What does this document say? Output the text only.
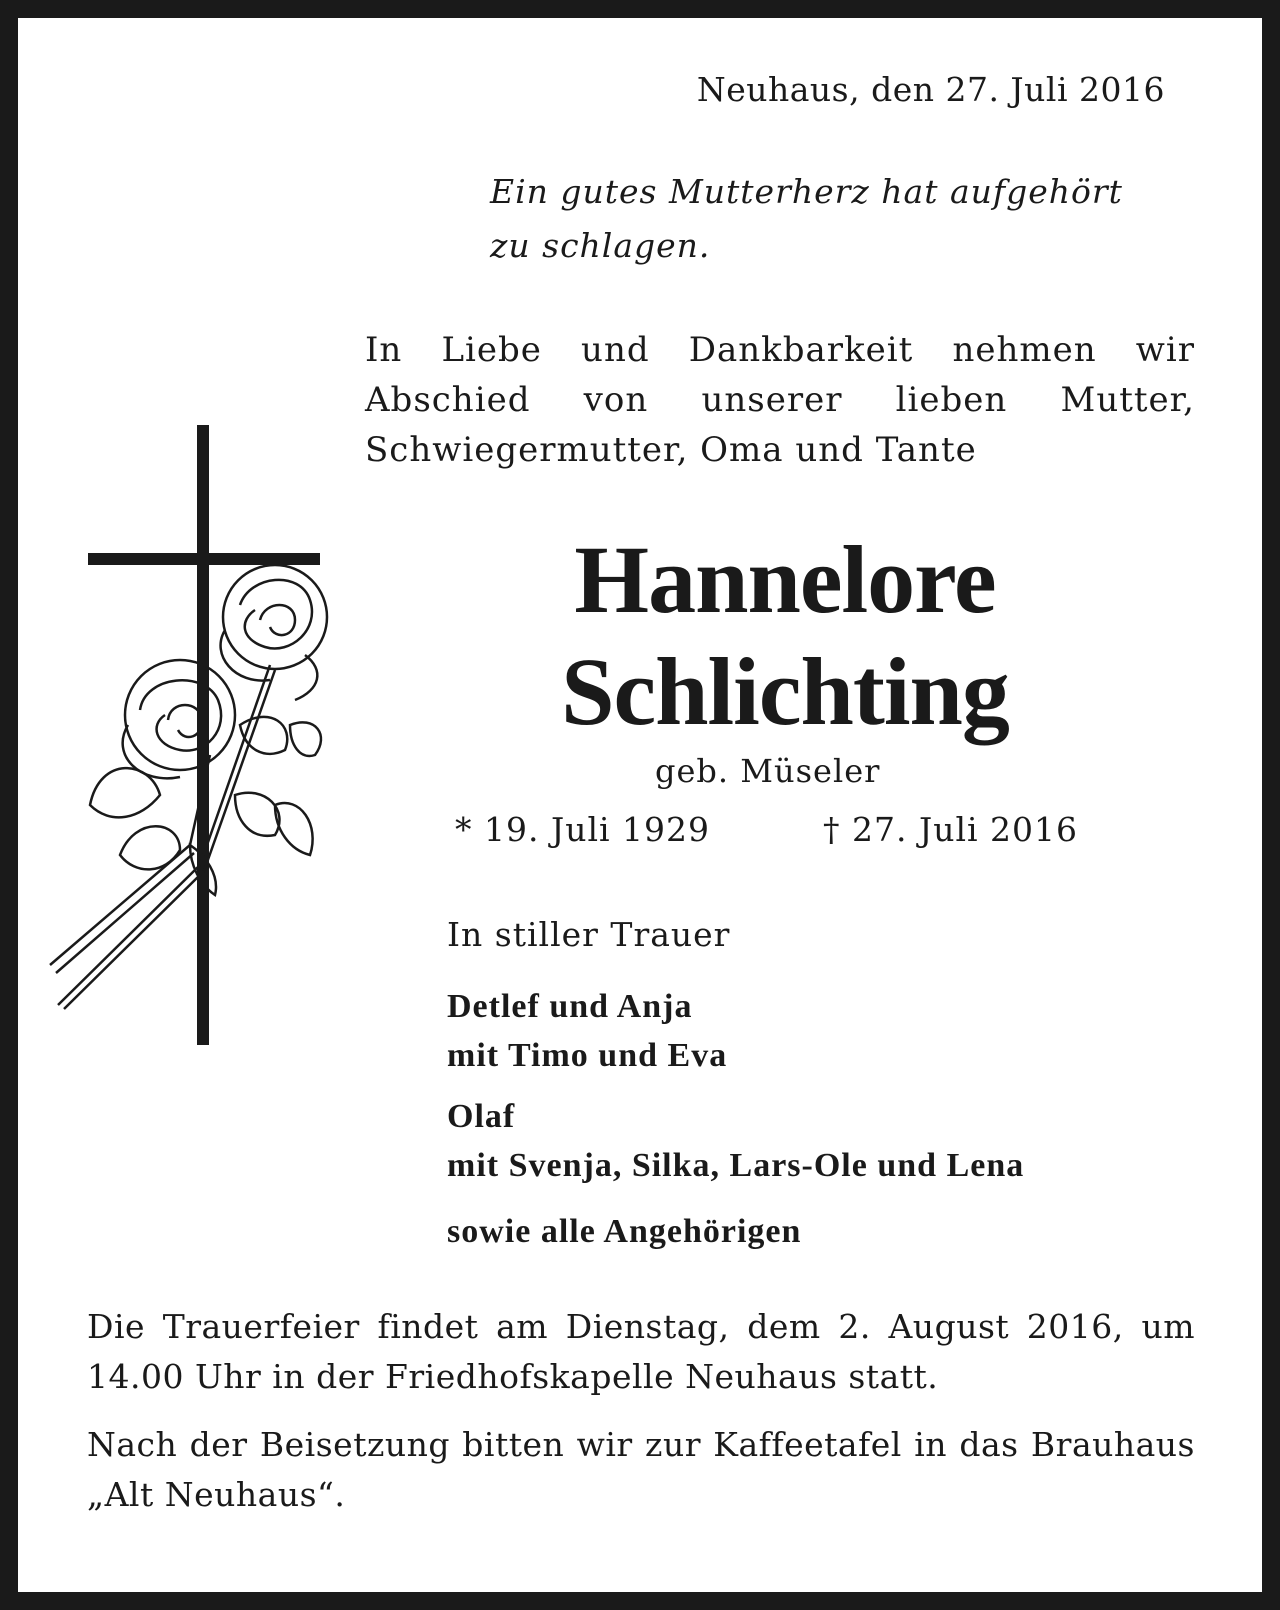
Neuhaus, den 27. Juli 2016

Ein gutes Mutterherz hat aufgehört
zu schlagen.

In Liebe und Dankbarkeit nehmen wir Abschied von unserer lieben Mutter, Schwiegermutter, Oma und Tante

Hannelore
Schlichting

geb. Müseler

* 19. Juli 1929	† 27. Juli 2016

In stiller Trauer

Detlef und Anja
mit Timo und Eva
Olaf
mit Svenja, Silka, Lars-Ole und Lena
sowie alle Angehörigen

Die Trauerfeier findet am Dienstag, dem 2. August 2016, um 14.00 Uhr in der Friedhofskapelle Neuhaus statt.

Nach der Beisetzung bitten wir zur Kaffeetafel in das Brauhaus „Alt Neuhaus“.
